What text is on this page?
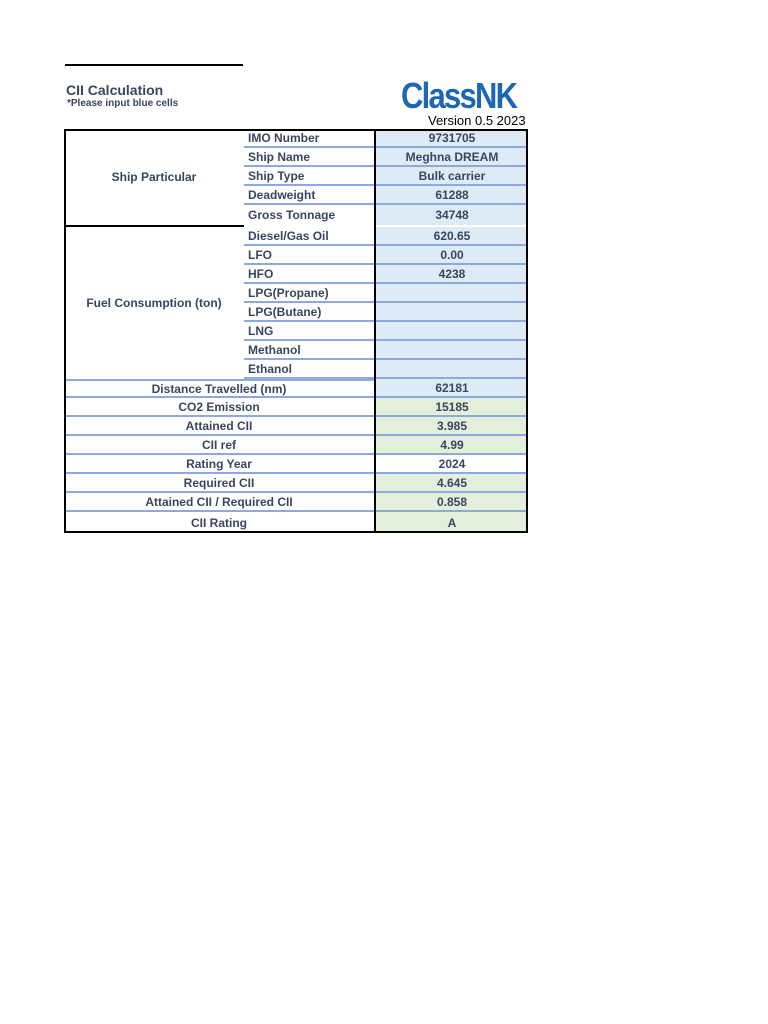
CII Calculation
*Please input blue cells	ClassNK
Version 0.5 2023
Ship Particular
IMO Number	9731705
Ship Name	Meghna DREAM
Ship Type	Bulk carrier
Deadweight	61288
Gross Tonnage	34748
Fuel Consumption (ton)
Diesel/Gas Oil	620.65
LFO	0.00
HFO	4238
LPG(Propane)
LPG(Butane)
LNG
Methanol
Ethanol
Distance Travelled (nm)	62181
CO2 Emission	15185
Attained CII	3.985
CII ref	4.99
Rating Year	2024
Required CII	4.645
Attained CII / Required CII	0.858
CII Rating	A
